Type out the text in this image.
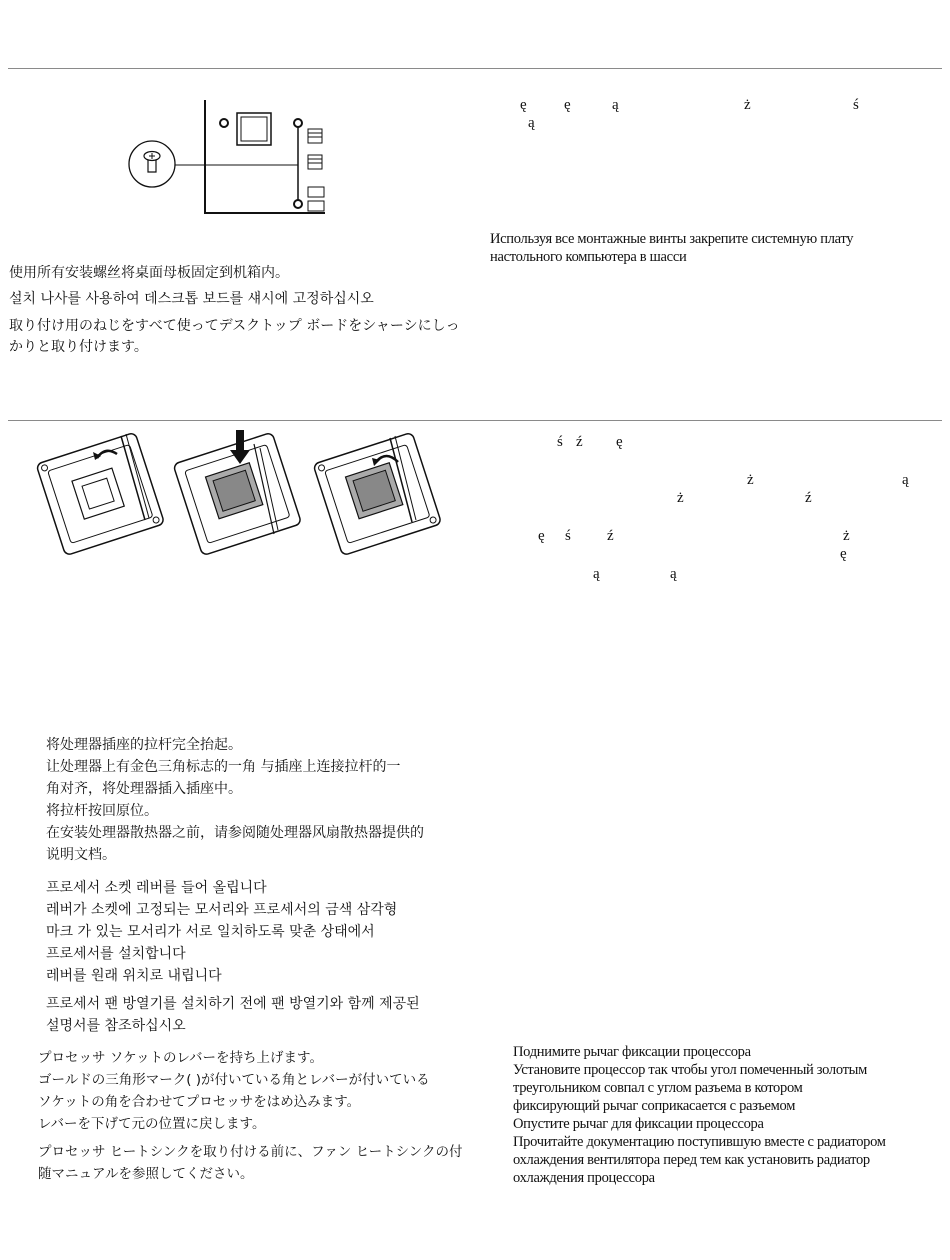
ę ę	ą	ż	ś
ą
Используя все монтажные винты закрепите системную плату
настольного компьютера в шасси
使用所有安装螺丝将桌面母板固定到机箱内。
설치 나사를 사용하여 데스크톱 보드를 섀시에 고정하십시오
取り付け用のねじをすべて使ってデスクトップ ボードをシャーシにしっ
かりと取り付けます。
ś ź ę
ż	ą
ż	ź
ę ś ź
ę
ż
ą	ą
将处理器插座的拉杆完全抬起。
让处理器上有金色三角标志的一角 与插座上连接拉杆的一
角对齐，将处理器插入插座中。
将拉杆按回原位。
在安装处理器散热器之前，请参阅随处理器风扇散热器提供的
说明文档。
프로세서 소켓 레버를 들어 올립니다
레버가 소켓에 고정되는 모서리와 프로세서의 금색 삼각형
마크 가 있는 모서리가 서로 일치하도록 맞춘 상태에서
프로세서를 설치합니다
레버를 원래 위치로 내립니다
프로세서 팬 방열기를 설치하기 전에 팬 방열기와 함께 제공된
설명서를 참조하십시오
プロセッサ ソケットのレバーを持ち上げます。
ゴールドの三角形マーク( )が付いている角とレバーが付いている
ソケットの角を合わせてプロセッサをはめ込みます。
レバーを下げて元の位置に戻します。
プロセッサ ヒートシンクを取り付ける前に、ファン ヒートシンクの付
随マニュアルを参照してください。
Поднимите рычаг фиксации процессора
Установите процессор так чтобы угол помеченный золотым
треугольником совпал с углом разъема в котором
фиксирующий рычаг соприкасается с разъемом
Опустите рычаг для фиксации процессора
Прочитайте документацию поступившую вместе с радиатором
охлаждения вентилятора перед тем как установить радиатор
охлаждения процессора
